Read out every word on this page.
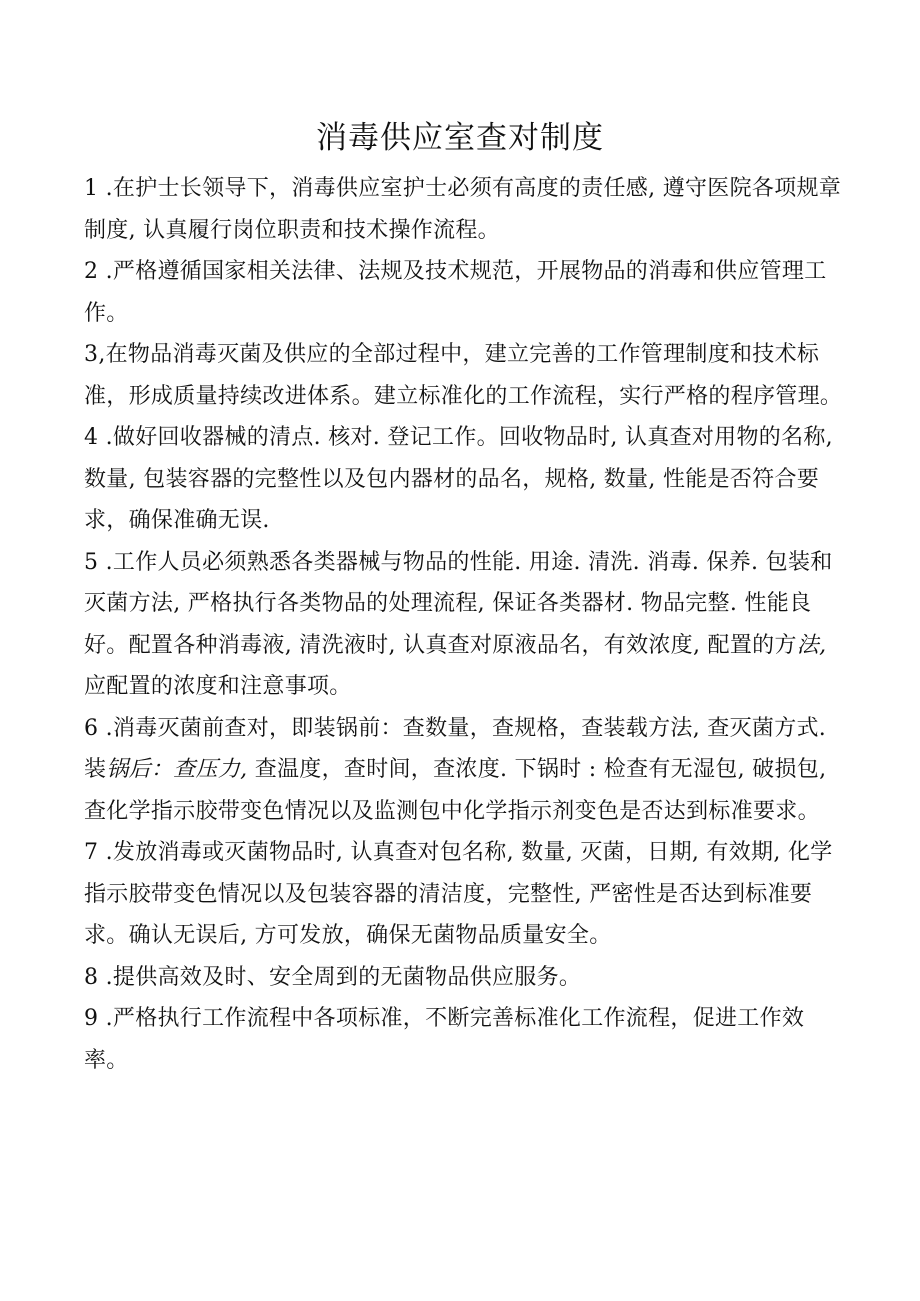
消毒供应室查对制度

1 .在护士长领导下，消毒供应室护士必须有高度的责任感, 遵守医院各项规章制度, 认真履行岗位职责和技术操作流程。

2 .严格遵循国家相关法律、法规及技术规范，开展物品的消毒和供应管理工作。

3,在物品消毒灭菌及供应的全部过程中，建立完善的工作管理制度和技术标准，形成质量持续改进体系。建立标准化的工作流程，实行严格的程序管理。

4 .做好回收器械的清点. 核对. 登记工作。回收物品时, 认真查对用物的名称, 数量, 包装容器的完整性以及包内器材的品名，规格, 数量, 性能是否符合要求，确保准确无误.

5 .工作人员必须熟悉各类器械与物品的性能. 用途. 清洗. 消毒. 保养. 包装和灭菌方法, 严格执行各类物品的处理流程, 保证各类器材. 物品完整. 性能良好。配置各种消毒液, 清洗液时, 认真查对原液品名，有效浓度, 配置的方法, 应配置的浓度和注意事项。

6 .消毒灭菌前查对，即装锅前：查数量，查规格，查装载方法, 查灭菌方式. 装锅后：查压力, 查温度，查时间，查浓度. 下锅时 : 检查有无湿包, 破损包, 查化学指示胶带变色情况以及监测包中化学指示剂变色是否达到标准要求。

7 .发放消毒或灭菌物品时, 认真查对包名称, 数量, 灭菌，日期, 有效期, 化学指示胶带变色情况以及包装容器的清洁度，完整性, 严密性是否达到标准要求。确认无误后, 方可发放，确保无菌物品质量安全。

8 .提供高效及时、安全周到的无菌物品供应服务。

9 .严格执行工作流程中各项标准，不断完善标准化工作流程，促进工作效率。
